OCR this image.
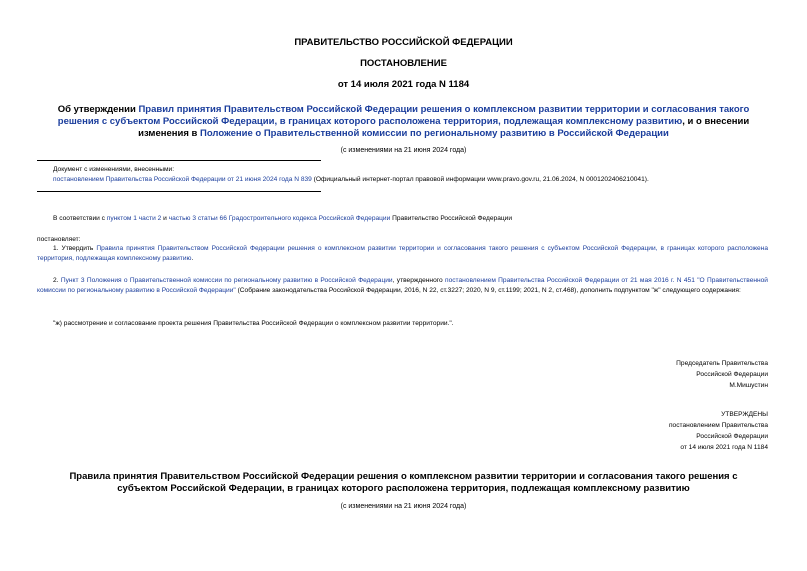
ПРАВИТЕЛЬСТВО РОССИЙСКОЙ ФЕДЕРАЦИИ
ПОСТАНОВЛЕНИЕ
от 14 июля 2021 года N 1184
Об утверждении Правил принятия Правительством Российской Федерации решения о комплексном развитии территории и согласования такого решения с субъектом Российской Федерации, в границах которого расположена территория, подлежащая комплексному развитию, и о внесении изменения в Положение о Правительственной комиссии по региональному развитию в Российской Федерации
(с изменениями на 21 июня 2024 года)
Документ с изменениями, внесенными:
постановлением Правительства Российской Федерации от 21 июня 2024 года N 839 (Официальный интернет-портал правовой информации www.pravo.gov.ru, 21.06.2024, N 0001202406210041).
В соответствии с пунктом 1 части 2 и частью 3 статьи 66 Градостроительного кодекса Российской Федерации Правительство Российской Федерации
постановляет:
1. Утвердить Правила принятия Правительством Российской Федерации решения о комплексном развитии территории и согласования такого решения с субъектом Российской Федерации, в границах которого расположена территория, подлежащая комплексному развитию.
2. Пункт 3 Положения о Правительственной комиссии по региональному развитию в Российской Федерации, утвержденного постановлением Правительства Российской Федерации от 21 мая 2016 г. N 451 "О Правительственной комиссии по региональному развитию в Российской Федерации" (Собрание законодательства Российской Федерации, 2016, N 22, ст.3227; 2020, N 9, ст.1199; 2021, N 2, ст.468), дополнить подпунктом "ж" следующего содержания:
"ж) рассмотрение и согласование проекта решения Правительства Российской Федерации о комплексном развитии территории.".
Председатель Правительства
Российской Федерации
М.Мишустин
УТВЕРЖДЕНЫ
постановлением Правительства
Российской Федерации
от 14 июля 2021 года N 1184
Правила принятия Правительством Российской Федерации решения о комплексном развитии территории и согласования такого решения с субъектом Российской Федерации, в границах которого расположена территория, подлежащая комплексному развитию
(с изменениями на 21 июня 2024 года)
